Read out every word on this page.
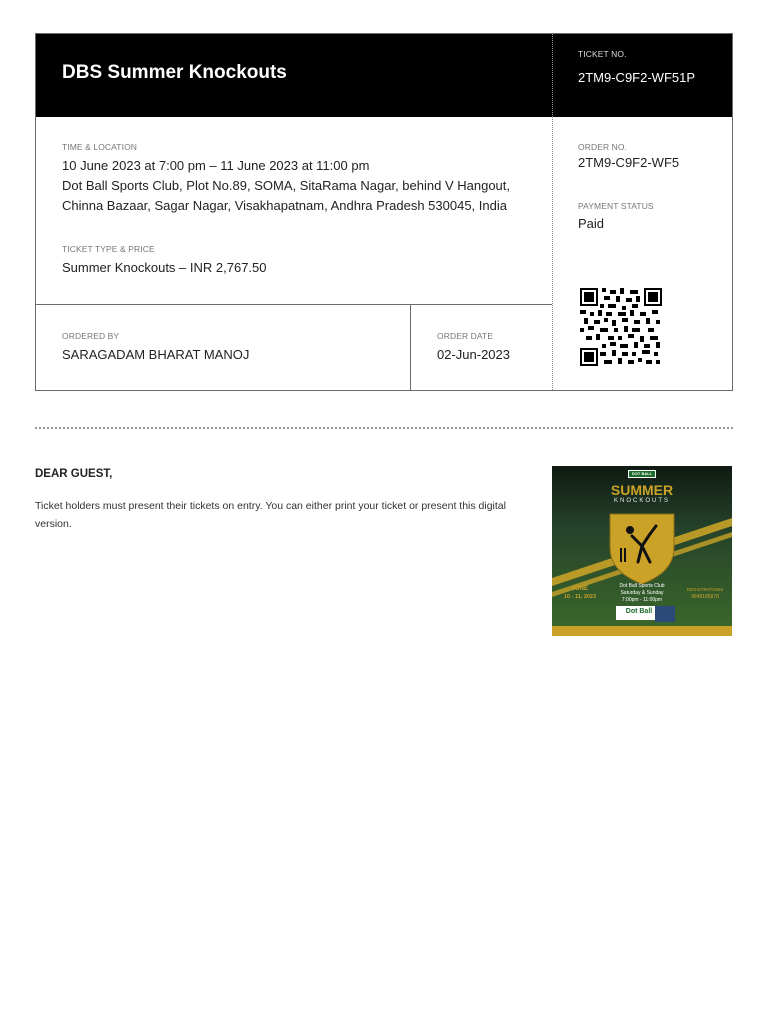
DBS Summer Knockouts
TICKET NO.
2TM9-C9F2-WF51P
TIME & LOCATION
10 June 2023 at 7:00 pm – 11 June 2023 at 11:00 pm
Dot Ball Sports Club, Plot No.89, SOMA, SitaRama Nagar, behind V Hangout,
Chinna Bazaar, Sagar Nagar, Visakhapatnam, Andhra Pradesh 530045, India
TICKET TYPE & PRICE
Summer Knockouts – INR 2,767.50
ORDER NO.
2TM9-C9F2-WF5
PAYMENT STATUS
Paid
ORDERED BY
SARAGADAM BHARAT MANOJ
ORDER DATE
02-Jun-2023
DEAR GUEST,
Ticket holders must present their tickets on entry. You can either print your ticket or present this digital version.
DOT BALL
SUMMER
KNOCKOUTS
JUNE
10 - 11, 2023
Dot Ball Sports Club
Saturday & Sunday
7:00pm - 11:00pm
REGISTRATIONS
9848185878
Dot Ball
